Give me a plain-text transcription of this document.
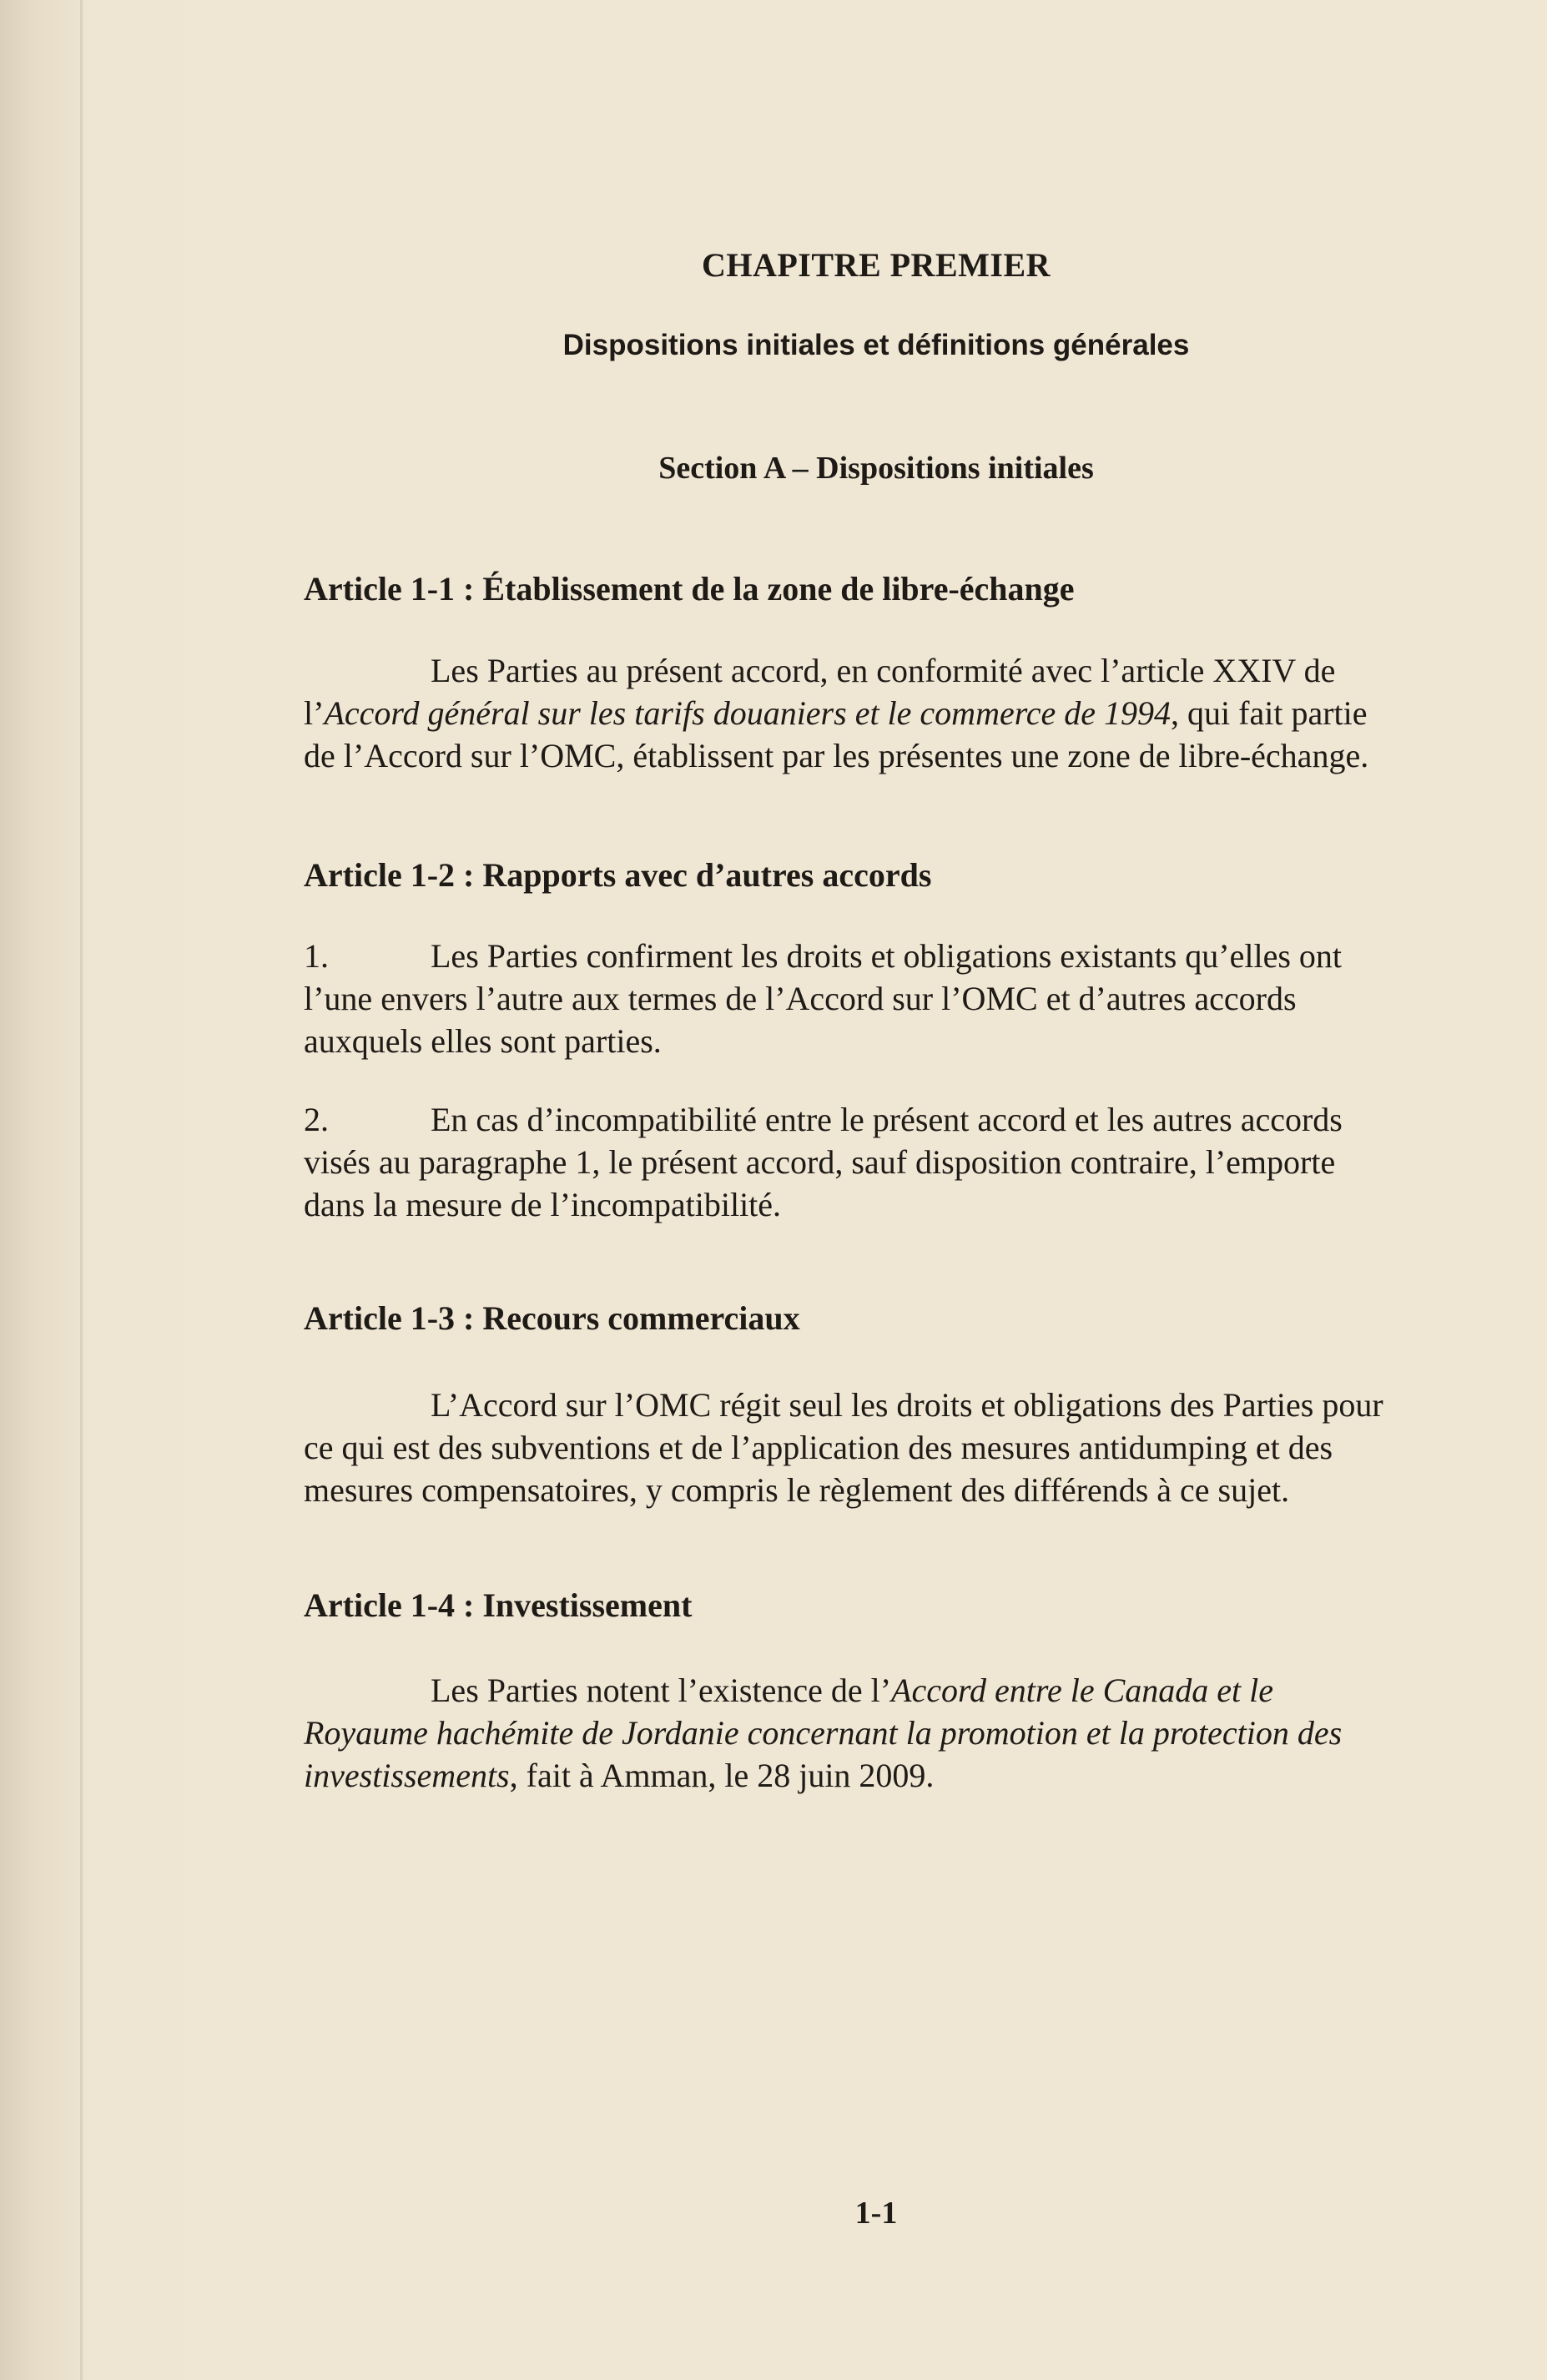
CHAPITRE PREMIER
Dispositions initiales et définitions générales
Section A – Dispositions initiales
Article 1-1 : Établissement de la zone de libre-échange
Les Parties au présent accord, en conformité avec l’article XXIV de
l’Accord général sur les tarifs douaniers et le commerce de 1994, qui fait partie
de l’Accord sur l’OMC, établissent par les présentes une zone de libre-échange.
Article 1-2 : Rapports avec d’autres accords
1.	Les Parties confirment les droits et obligations existants qu’elles ont
l’une envers l’autre aux termes de l’Accord sur l’OMC et d’autres accords
auxquels elles sont parties.
2.	En cas d’incompatibilité entre le présent accord et les autres accords
visés au paragraphe 1, le présent accord, sauf disposition contraire, l’emporte
dans la mesure de l’incompatibilité.
Article 1-3 : Recours commerciaux
L’Accord sur l’OMC régit seul les droits et obligations des Parties pour
ce qui est des subventions et de l’application des mesures antidumping et des
mesures compensatoires, y compris le règlement des différends à ce sujet.
Article 1-4 : Investissement
Les Parties notent l’existence de l’Accord entre le Canada et le
Royaume hachémite de Jordanie concernant la promotion et la protection des
investissements, fait à Amman, le 28 juin 2009.
1-1
